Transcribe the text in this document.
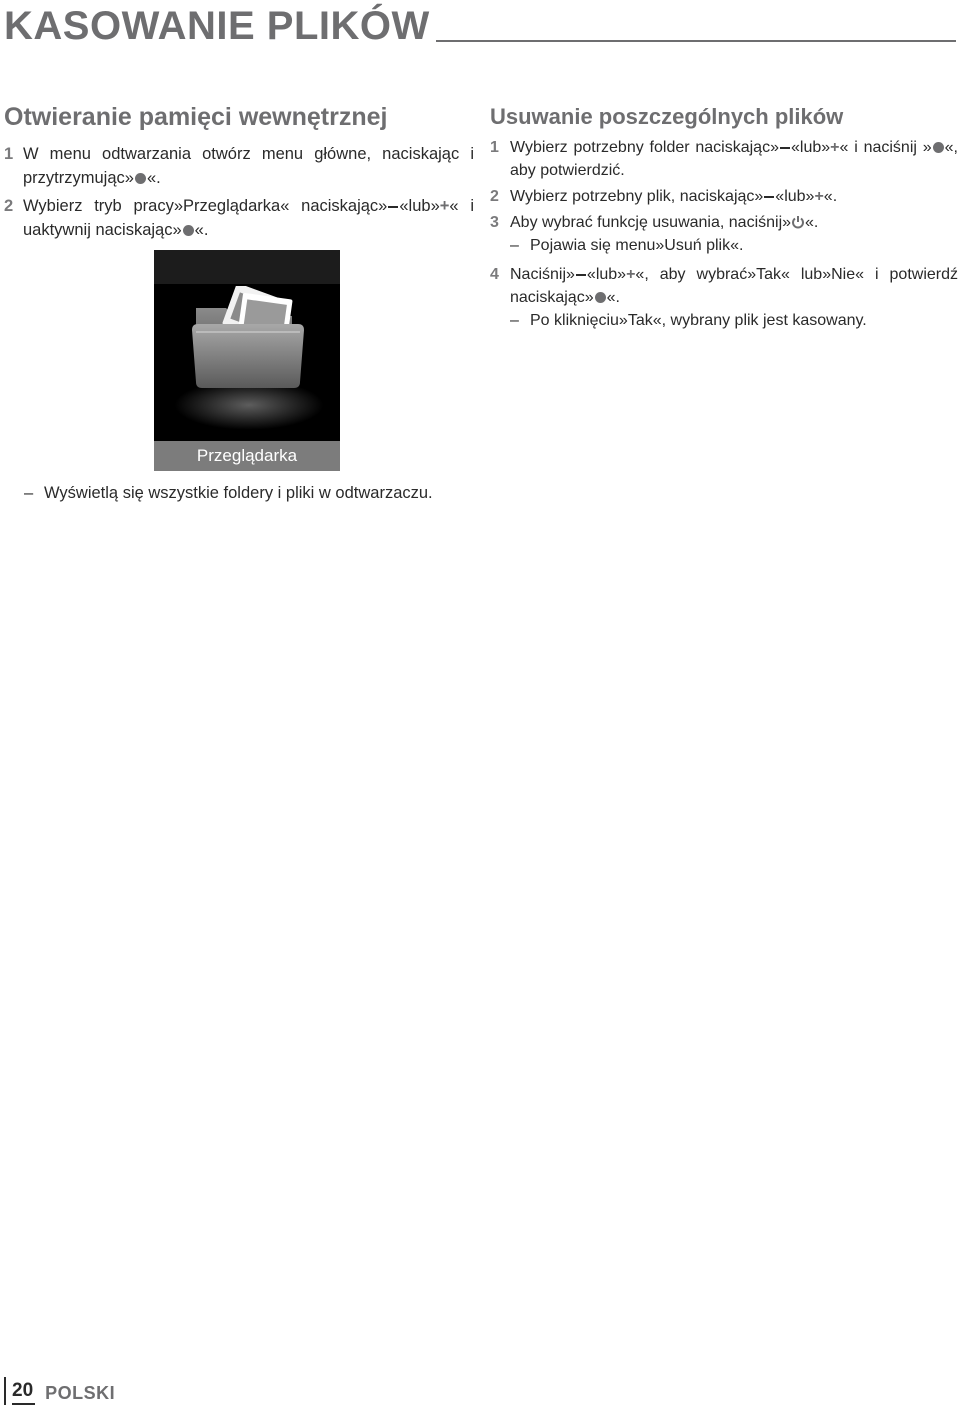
KASOWANIE PLIKÓW
Otwieranie pamięci wewnętrznej
1 W menu odtwarzania otwórz menu główne, naciskając i przytrzymując» «.
2 Wybierz tryb pracy»Przeglądarka« naciskając» «lub»+« i uaktywnij naciskając» «.
Przeglądarka
– Wyświetlą się wszystkie foldery i pliki w odtwarzaczu.
Usuwanie poszczególnych plików
1 Wybierz potrzebny folder naciskając» «lub»+« i naciśnij » «, aby potwierdzić.
2 Wybierz potrzebny plik, naciskając» «lub»+«.
3 Aby wybrać funkcję usuwania, naciśnij» «.
– Pojawia się menu»Usuń plik«.
4 Naciśnij» «lub»+«, aby wybrać»Tak« lub»Nie« i potwierdź naciskając» «.
– Po kliknięciu»Tak«, wybrany plik jest kasowany.
20 POLSKI
